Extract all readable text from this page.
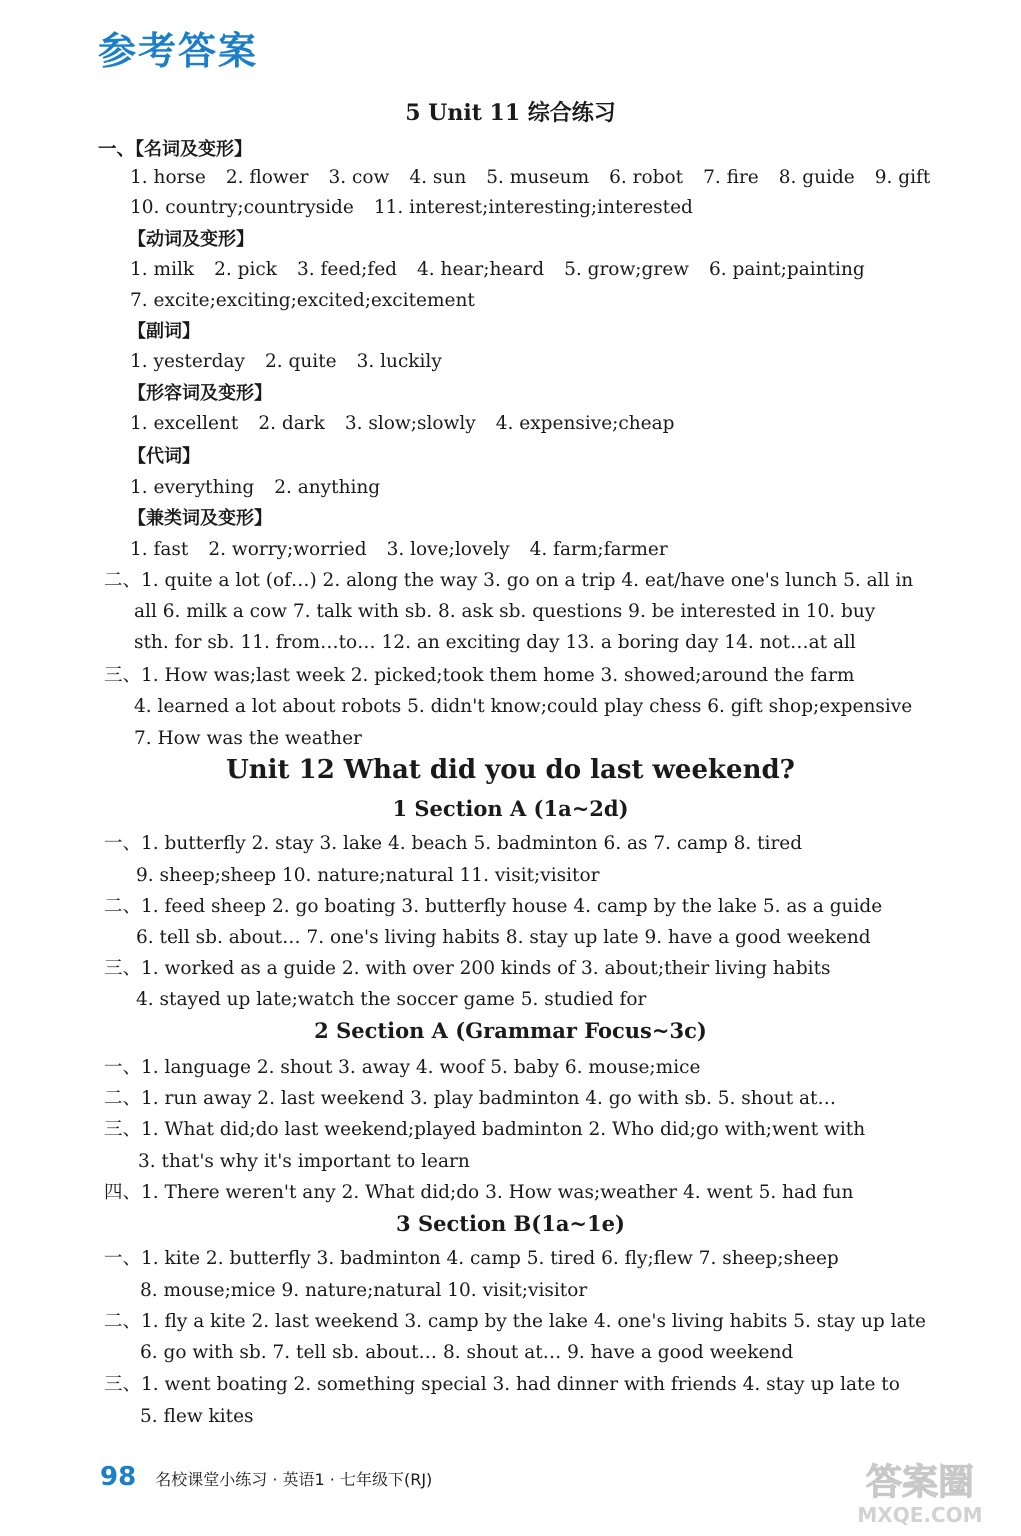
参考答案
5 Unit 11 综合练习
一、【名词及变形】
1. horse 2. flower 3. cow 4. sun 5. museum 6. robot 7. fire 8. guide 9. gift
10. country;countryside 11. interest;interesting;interested
【动词及变形】
1. milk 2. pick 3. feed;fed 4. hear;heard 5. grow;grew 6. paint;painting
7. excite;exciting;excited;excitement
【副词】
1. yesterday 2. quite 3. luckily
【形容词及变形】
1. excellent 2. dark 3. slow;slowly 4. expensive;cheap
【代词】
1. everything 2. anything
【兼类词及变形】
1. fast 2. worry;worried 3. love;lovely 4. farm;farmer
二、1. quite a lot (of…) 2. along the way 3. go on a trip 4. eat/have one's lunch 5. all in
all 6. milk a cow 7. talk with sb. 8. ask sb. questions 9. be interested in 10. buy
sth. for sb. 11. from…to… 12. an exciting day 13. a boring day 14. not…at all
三、1. How was;last week 2. picked;took them home 3. showed;around the farm
4. learned a lot about robots 5. didn't know;could play chess 6. gift shop;expensive
7. How was the weather
Unit 12 What did you do last weekend?
1 Section A (1a~2d)
一、1. butterfly 2. stay 3. lake 4. beach 5. badminton 6. as 7. camp 8. tired
9. sheep;sheep 10. nature;natural 11. visit;visitor
二、1. feed sheep 2. go boating 3. butterfly house 4. camp by the lake 5. as a guide
6. tell sb. about… 7. one's living habits 8. stay up late 9. have a good weekend
三、1. worked as a guide 2. with over 200 kinds of 3. about;their living habits
4. stayed up late;watch the soccer game 5. studied for
2 Section A (Grammar Focus~3c)
一、1. language 2. shout 3. away 4. woof 5. baby 6. mouse;mice
二、1. run away 2. last weekend 3. play badminton 4. go with sb. 5. shout at…
三、1. What did;do last weekend;played badminton 2. Who did;go with;went with
3. that's why it's important to learn
四、1. There weren't any 2. What did;do 3. How was;weather 4. went 5. had fun
3 Section B(1a~1e)
一、1. kite 2. butterfly 3. badminton 4. camp 5. tired 6. fly;flew 7. sheep;sheep
8. mouse;mice 9. nature;natural 10. visit;visitor
二、1. fly a kite 2. last weekend 3. camp by the lake 4. one's living habits 5. stay up late
6. go with sb. 7. tell sb. about… 8. shout at… 9. have a good weekend
三、1. went boating 2. something special 3. had dinner with friends 4. stay up late to
5. flew kites
98 名校课堂小练习 · 英语1 · 七年级下(RJ)	答案圈
MXQE.COM
